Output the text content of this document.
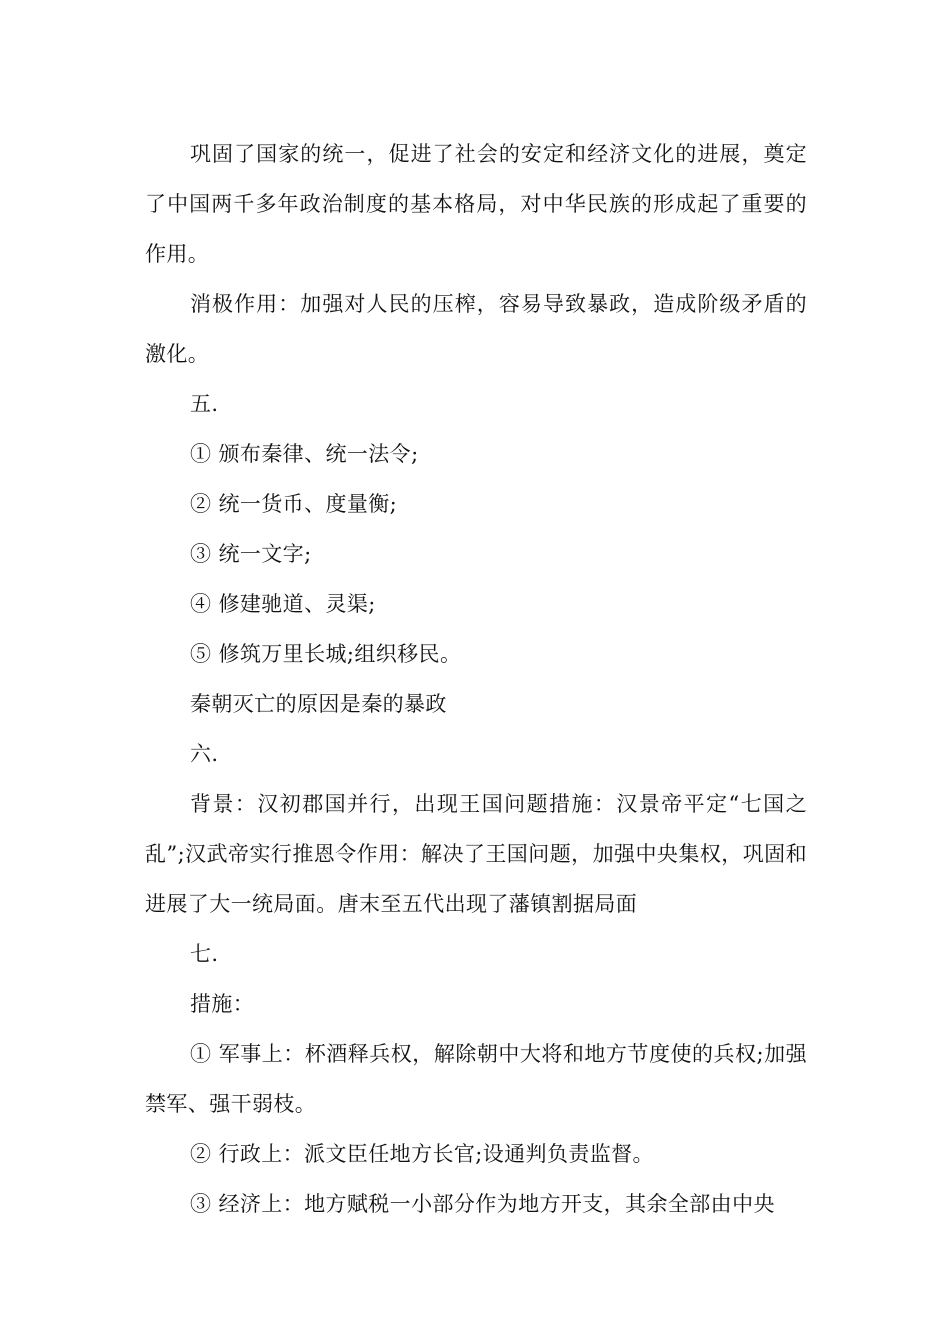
巩固了国家的统一，促进了社会的安定和经济文化的进展，奠定了中国两千多年政治制度的基本格局，对中华民族的形成起了重要的作用。

消极作用：加强对人民的压榨，容易导致暴政，造成阶级矛盾的激化。

五.

① 颁布秦律、统一法令;

② 统一货币、度量衡;

③ 统一文字;

④ 修建驰道、灵渠;

⑤ 修筑万里长城;组织移民。

秦朝灭亡的原因是秦的暴政

六.

背景：汉初郡国并行，出现王国问题措施：汉景帝平定“七国之乱”;汉武帝实行推恩令作用：解决了王国问题，加强中央集权，巩固和进展了大一统局面。唐末至五代出现了藩镇割据局面

七.

措施：

① 军事上：杯酒释兵权，解除朝中大将和地方节度使的兵权;加强禁军、强干弱枝。

② 行政上：派文臣任地方长官;设通判负责监督。

③ 经济上：地方赋税一小部分作为地方开支，其余全部由中央
